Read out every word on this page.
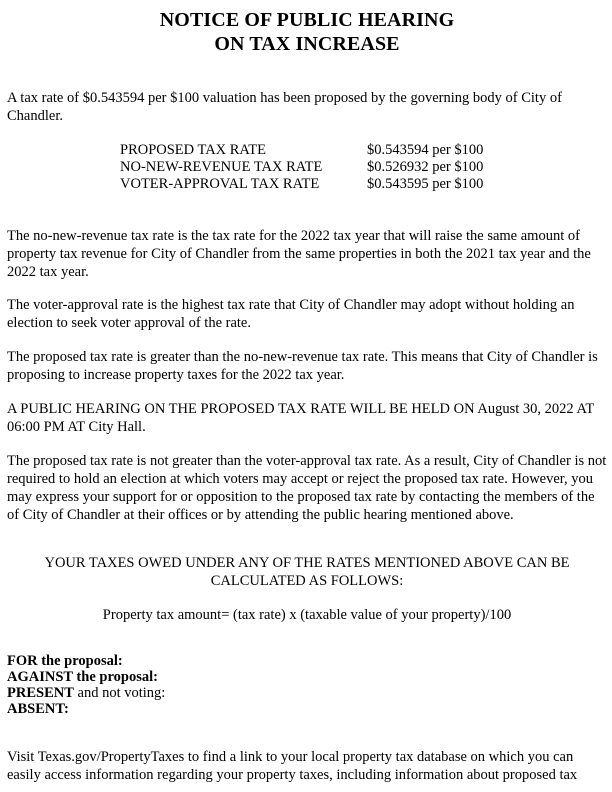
NOTICE OF PUBLIC HEARING
ON TAX INCREASE

A tax rate of $0.543594 per $100 valuation has been proposed by the governing body of City of Chandler.

PROPOSED TAX RATE	$0.543594 per $100
NO-NEW-REVENUE TAX RATE	$0.526932 per $100
VOTER-APPROVAL TAX RATE	$0.543595 per $100

The no-new-revenue tax rate is the tax rate for the 2022 tax year that will raise the same amount of property tax revenue for City of Chandler from the same properties in both the 2021 tax year and the 2022 tax year.

The voter-approval rate is the highest tax rate that City of Chandler may adopt without holding an election to seek voter approval of the rate.

The proposed tax rate is greater than the no-new-revenue tax rate. This means that City of Chandler is proposing to increase property taxes for the 2022 tax year.

A PUBLIC HEARING ON THE PROPOSED TAX RATE WILL BE HELD ON August 30, 2022 AT 06:00 PM AT City Hall.

The proposed tax rate is not greater than the voter-approval tax rate. As a result, City of Chandler is not required to hold an election at which voters may accept or reject the proposed tax rate. However, you may express your support for or opposition to the proposed tax rate by contacting the members of the of City of Chandler at their offices or by attending the public hearing mentioned above.

YOUR TAXES OWED UNDER ANY OF THE RATES MENTIONED ABOVE CAN BE CALCULATED AS FOLLOWS:

Property tax amount= (tax rate) x (taxable value of your property)/100

FOR the proposal:
AGAINST the proposal:
PRESENT and not voting:
ABSENT:

Visit Texas.gov/PropertyTaxes to find a link to your local property tax database on which you can easily access information regarding your property taxes, including information about proposed tax
